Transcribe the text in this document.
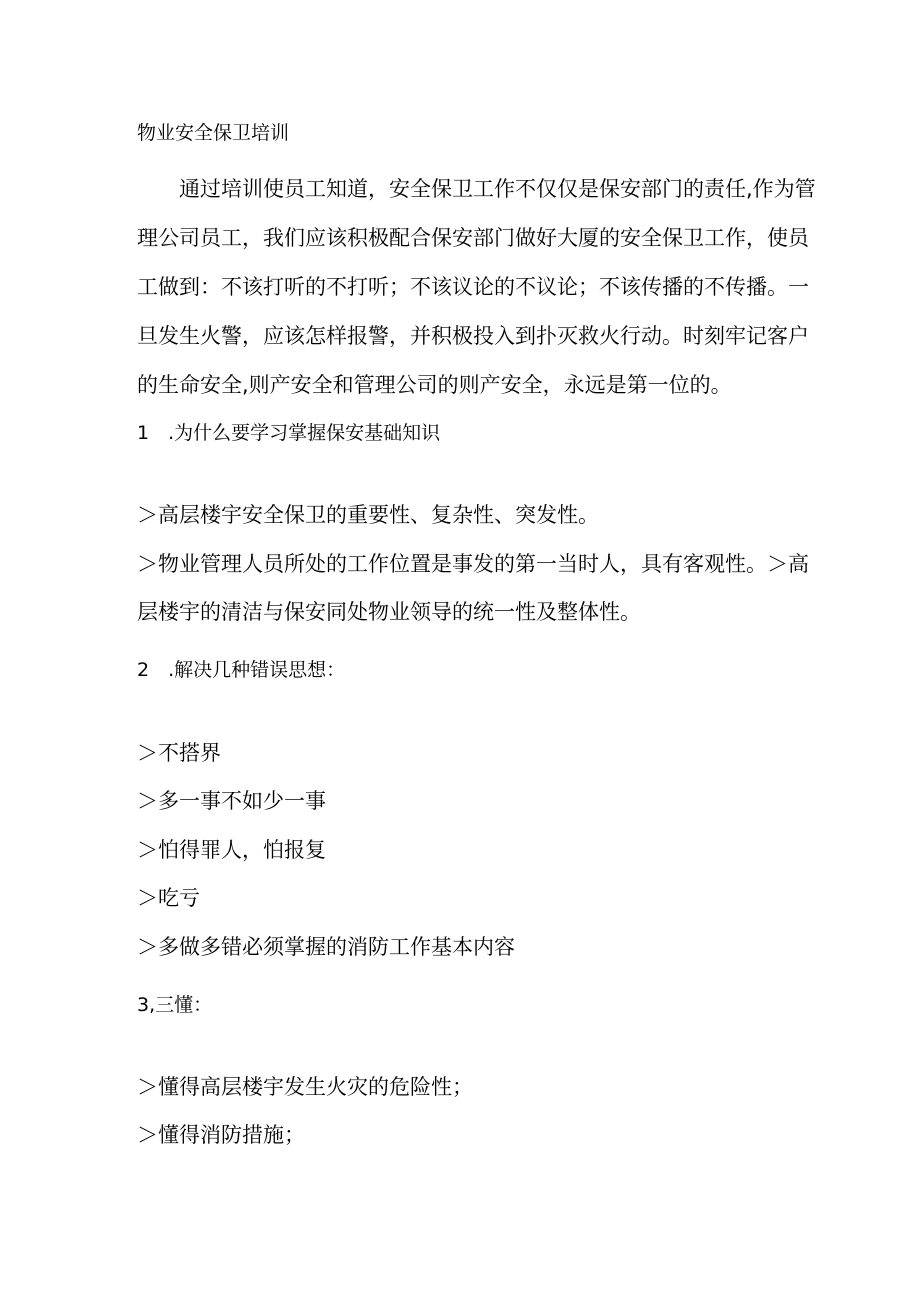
物业安全保卫培训
通过培训使员工知道，安全保卫工作不仅仅是保安部门的责任,作为管
理公司员工，我们应该积极配合保安部门做好大厦的安全保卫工作，使员
工做到：不该打听的不打听；不该议论的不议论；不该传播的不传播。一
旦发生火警，应该怎样报警，并积极投入到扑灭救火行动。时刻牢记客户
的生命安全,则产安全和管理公司的则产安全，永远是第一位的。
1　.为什么要学习掌握保安基础知识
＞高层楼宇安全保卫的重要性、复杂性、突发性。
＞物业管理人员所处的工作位置是事发的第一当时人，具有客观性。＞高
层楼宇的清洁与保安同处物业领导的统一性及整体性。
2　.解决几种错误思想：
＞不搭界
＞多一事不如少一事
＞怕得罪人，怕报复
＞吃亏
＞多做多错必须掌握的消防工作基本内容
3,三懂：
＞懂得高层楼宇发生火灾的危险性；
＞懂得消防措施；
